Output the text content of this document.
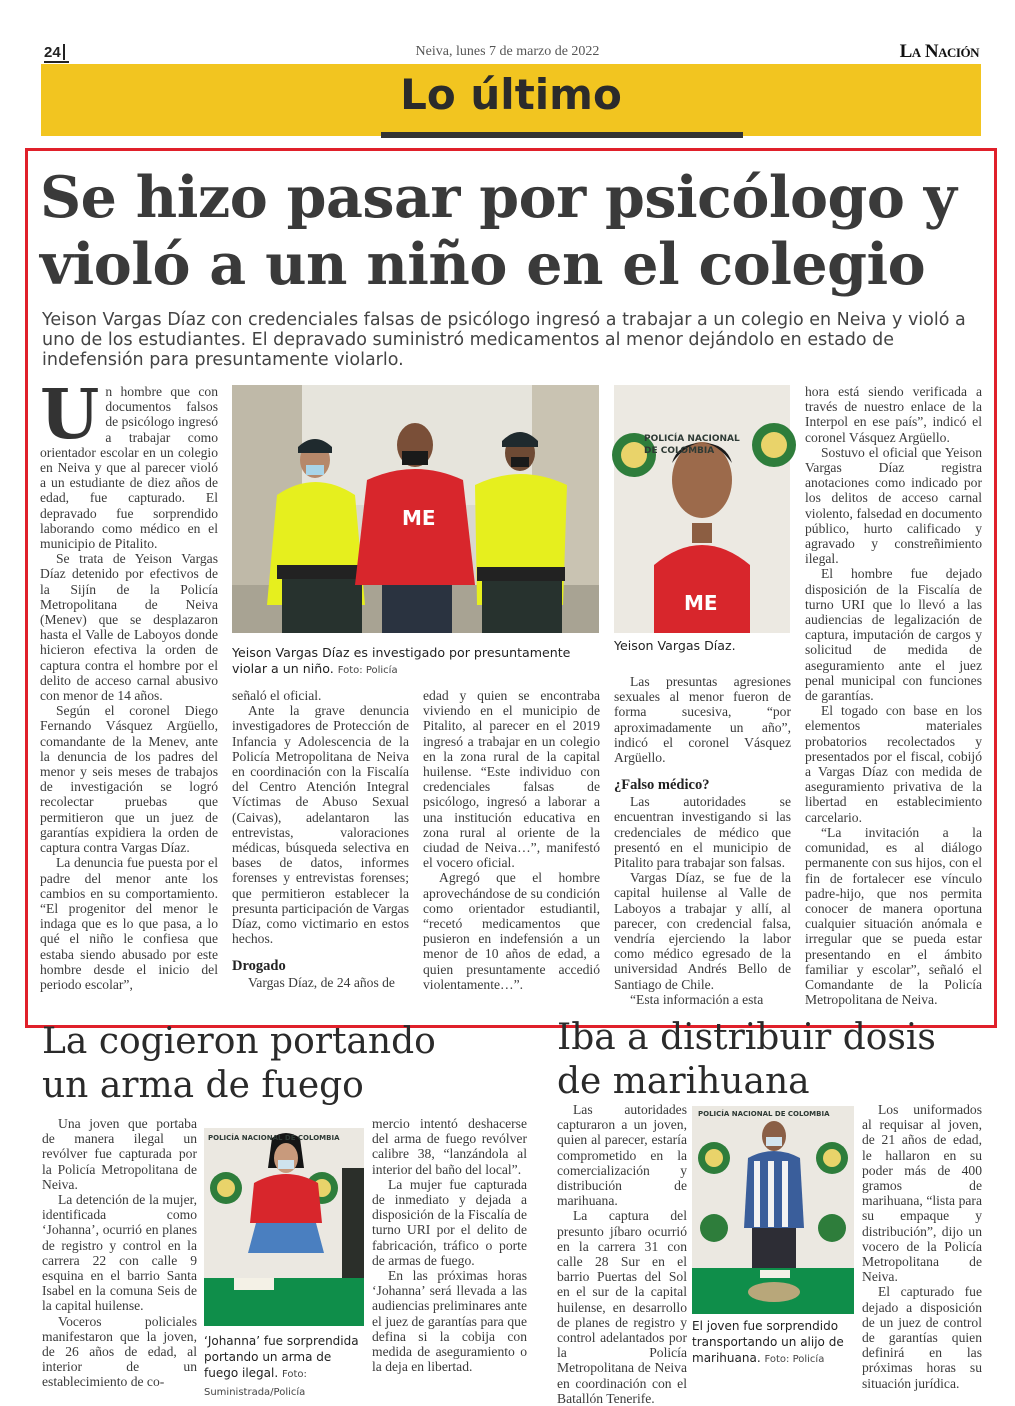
24	Neiva, lunes 7 de marzo de 2022	La Nación
Lo último
Se hizo pasar por psicólogo y violó a un niño en el colegio
Yeison Vargas Díaz con credenciales falsas de psicólogo ingresó a trabajar a un colegio en Neiva y violó a uno de los estudiantes. El depravado suministró medicamentos al menor dejándolo en estado de indefensión para presuntamente violarlo.
U n hombre que con documentos falsos de psicólogo ingresó a trabajar como orientador escolar en un colegio en Neiva y que al parecer violó a un estudiante de diez años de edad, fue capturado. El depravado fue sorprendido laborando como médico en el municipio de Pitalito.

Se trata de Yeison Vargas Díaz detenido por efectivos de la Sijín de la Policía Metropolitana de Neiva (Menev) que se desplazaron hasta el Valle de Laboyos donde hicieron efectiva la orden de captura contra el hombre por el delito de acceso carnal abusivo con menor de 14 años.

Según el coronel Diego Fernando Vásquez Argüello, comandante de la Menev, ante la denuncia de los padres del menor y seis meses de trabajos de investigación se logró recolectar pruebas que permitieron que un juez de garantías expidiera la orden de captura contra Vargas Díaz.

La denuncia fue puesta por el padre del menor ante los cambios en su comportamiento. “El progenitor del menor le indaga que es lo que pasa, a lo qué el niño le confiesa que estaba siendo abusado por este hombre desde el inicio del periodo escolar”,

ME
Yeison Vargas Díaz es investigado por presuntamente violar a un niño. Foto: Policía
ME
POLICÍA NACIONAL DE COLOMBIA
Yeison Vargas Díaz.

señaló el oficial.

Ante la grave denuncia investigadores de Protección de Infancia y Adolescencia de la Policía Metropolitana de Neiva en coordinación con la Fiscalía del Centro Atención Integral Víctimas de Abuso Sexual (Caivas), adelantaron las entrevistas, valoraciones médicas, búsqueda selectiva en bases de datos, informes forenses y entrevistas forenses; que permitieron establecer la presunta participación de Vargas Díaz, como victimario en estos hechos.

Drogado

Vargas Díaz, de 24 años de

edad y quien se encontraba viviendo en el municipio de Pitalito, al parecer en el 2019 ingresó a trabajar en un colegio en la zona rural de la capital huilense. “Este individuo con credenciales falsas de psicólogo, ingresó a laborar a una institución educativa en zona rural al oriente de la ciudad de Neiva…”, manifestó el vocero oficial.

Agregó que el hombre aprovechándose de su condición como orientador estudiantil, “recetó medicamentos que pusieron en indefensión a un menor de 10 años de edad, a quien presuntamente accedió violentamente…”.

Las presuntas agresiones sexuales al menor fueron de forma sucesiva, “por aproximadamente un año”, indicó el coronel Vásquez Argüello.

¿Falso médico?

Las autoridades se encuentran investigando si las credenciales de médico que presentó en el municipio de Pitalito para trabajar son falsas.

Vargas Díaz, se fue de la capital huilense al Valle de Laboyos a trabajar y allí, al parecer, con credencial falsa, vendría ejerciendo la labor como médico egresado de la universidad Andrés Bello de Santiago de Chile.

“Esta información a esta

hora está siendo verificada a través de nuestro enlace de la Interpol en ese país”, indicó el coronel Vásquez Argüello.

Sostuvo el oficial que Yeison Vargas Díaz registra anotaciones como indicado por los delitos de acceso carnal violento, falsedad en documento público, hurto calificado y agravado y constreñimiento ilegal.

El hombre fue dejado disposición de la Fiscalía de turno URI que lo llevó a las audiencias de legalización de captura, imputación de cargos y solicitud de medida de aseguramiento ante el juez penal municipal con funciones de garantías.

El togado con base en los elementos materiales probatorios recolectados y presentados por el fiscal, cobijó a Vargas Díaz con medida de aseguramiento privativa de la libertad en establecimiento carcelario.

“La invitación a la comunidad, es al diálogo permanente con sus hijos, con el fin de fortalecer ese vínculo padre-hijo, que nos permita conocer de manera oportuna cualquier situación anómala e irregular que se pueda estar presentando en el ámbito familiar y escolar”, señaló el Comandante de la Policía Metropolitana de Neiva.

La cogieron portando un arma de fuego

Una joven que portaba de manera ilegal un revólver fue capturada por la Policía Metropolitana de Neiva.

La detención de la mujer, identificada como ‘Johanna’, ocurrió en planes de registro y control en la carrera 22 con calle 9 esquina en el barrio Santa Isabel en la comuna Seis de la capital huilense.

Voceros policiales manifestaron que la joven, de 26 años de edad, al interior de un establecimiento de co-

POLICÍA NACIONAL DE COLOMBIA
‘Johanna’ fue sorprendida portando un arma de fuego ilegal. Foto: Suministrada/Policía

mercio intentó deshacerse del arma de fuego revólver calibre 38, “lanzándola al interior del baño del local”.

La mujer fue capturada de inmediato y dejada a disposición de la Fiscalía de turno URI por el delito de fabricación, tráfico o porte de armas de fuego.

En las próximas horas ‘Johanna’ será llevada a las audiencias preliminares ante el juez de garantías para que defina si la cobija con medida de aseguramiento o la deja en libertad.

Iba a distribuir dosis de marihuana

Las autoridades capturaron a un joven, quien al parecer, estaría comprometido en la comercialización y distribución de marihuana.

La captura del presunto jíbaro ocurrió en la carrera 31 con calle 28 Sur en el barrio Puertas del Sol en el sur de la capital huilense, en desarrollo de planes de registro y control adelantados por la Policía Metropolitana de Neiva en coordinación con el Batallón Tenerife.

POLICÍA NACIONAL DE COLOMBIA
El joven fue sorprendido transportando un alijo de marihuana. Foto: Policía

Los uniformados al requisar al joven, de 21 años de edad, le hallaron en su poder más de 400 gramos de marihuana, “lista para su empaque y distribución”, dijo un vocero de la Policía Metropolitana de Neiva.

El capturado fue dejado a disposición de un juez de control de garantías quien definirá en las próximas horas su situación jurídica.
